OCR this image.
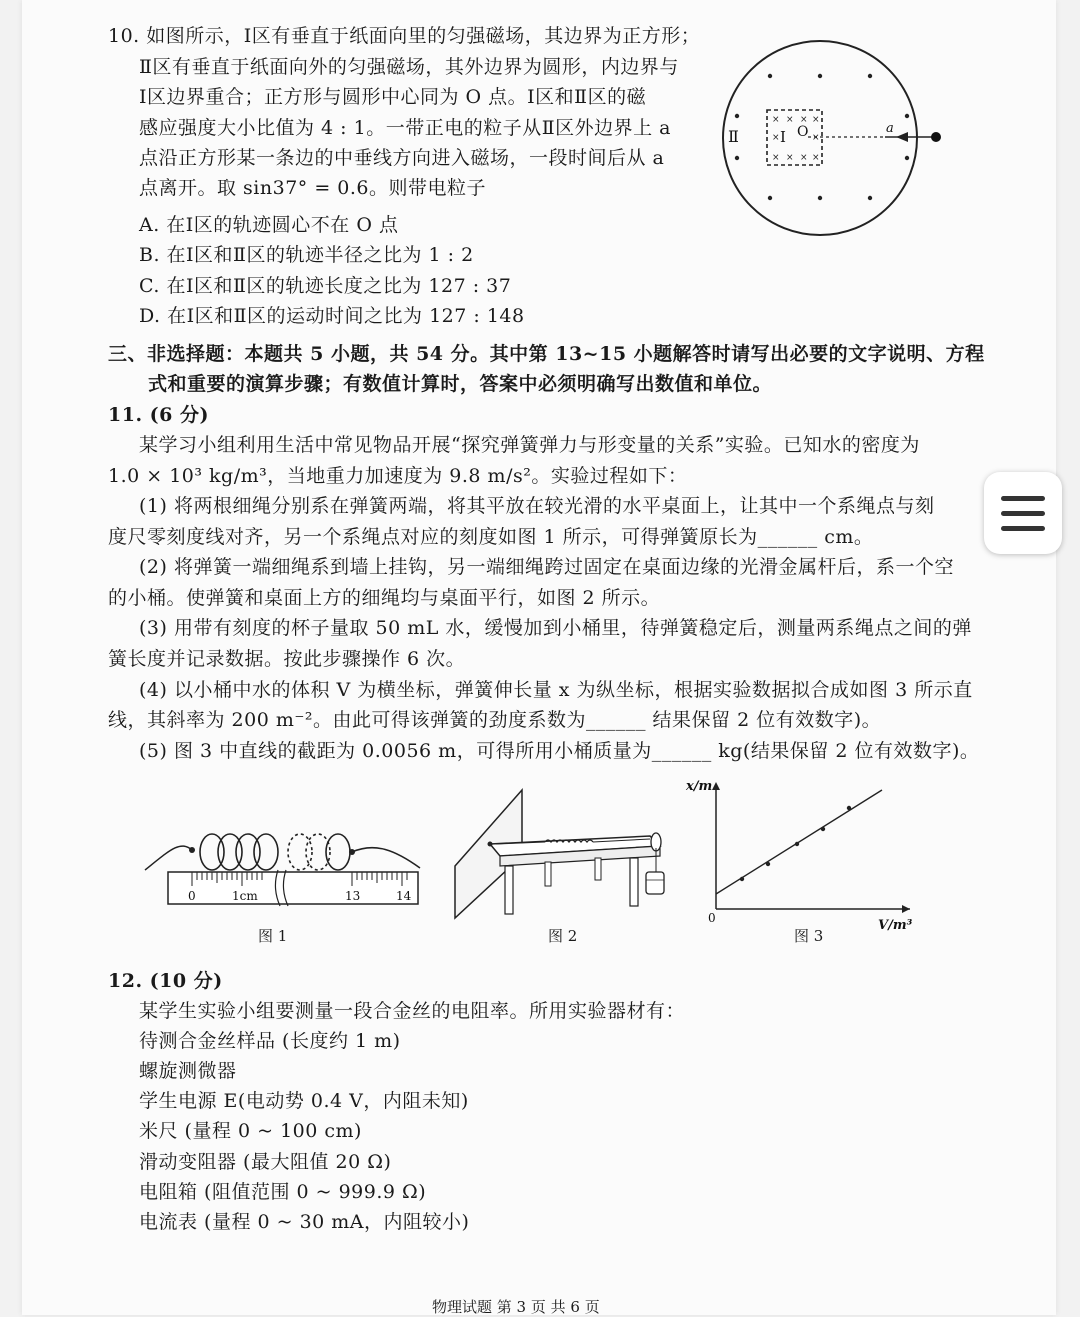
10. 如图所示，Ⅰ区有垂直于纸面向里的匀强磁场，其边界为正方形；
Ⅱ区有垂直于纸面向外的匀强磁场，其外边界为圆形，内边界与
Ⅰ区边界重合；正方形与圆形中心同为 O 点。Ⅰ区和Ⅱ区的磁
感应强度大小比值为 4 : 1。一带正电的粒子从Ⅱ区外边界上 a
点沿正方形某一条边的中垂线方向进入磁场，一段时间后从 a
点离开。取 sin37° = 0.6。则带电粒子
A. 在Ⅰ区的轨迹圆心不在 O 点
B. 在Ⅰ区和Ⅱ区的轨迹半径之比为 1 : 2
C. 在Ⅰ区和Ⅱ区的轨迹长度之比为 127 : 37
D. 在Ⅰ区和Ⅱ区的运动时间之比为 127 : 148
× × × ×
×	×
× × × ×
Ⅰ O
Ⅱ	a
三、非选择题：本题共 5 小题，共 54 分。其中第 13~15 小题解答时请写出必要的文字说明、方程
式和重要的演算步骤；有数值计算时，答案中必须明确写出数值和单位。
11. (6 分)
某学习小组利用生活中常见物品开展“探究弹簧弹力与形变量的关系”实验。已知水的密度为
1.0 × 10³ kg/m³，当地重力加速度为 9.8 m/s²。实验过程如下：
(1) 将两根细绳分别系在弹簧两端，将其平放在较光滑的水平桌面上，让其中一个系绳点与刻
度尺零刻度线对齐，另一个系绳点对应的刻度如图 1 所示，可得弹簧原长为______ cm。
(2) 将弹簧一端细绳系到墙上挂钩，另一端细绳跨过固定在桌面边缘的光滑金属杆后，系一个空
的小桶。使弹簧和桌面上方的细绳均与桌面平行，如图 2 所示。
(3) 用带有刻度的杯子量取 50 mL 水，缓慢加到小桶里，待弹簧稳定后，测量两系绳点之间的弹
簧长度并记录数据。按此步骤操作 6 次。
(4) 以小桶中水的体积 V 为横坐标，弹簧伸长量 x 为纵坐标，根据实验数据拟合成如图 3 所示直
线，其斜率为 200 m⁻²。由此可得该弹簧的劲度系数为______ 结果保留 2 位有效数字)。
(5) 图 3 中直线的截距为 0.0056 m，可得所用小桶质量为______ kg(结果保留 2 位有效数字)。
0	1cm	13	14
图 1	图 2
x/m
V/m³
0
图 3
12. (10 分)
某学生实验小组要测量一段合金丝的电阻率。所用实验器材有：
待测合金丝样品 (长度约 1 m)
螺旋测微器
学生电源 E(电动势 0.4 V，内阻未知)
米尺 (量程 0 ~ 100 cm)
滑动变阻器 (最大阻值 20 Ω)
电阻箱 (阻值范围 0 ~ 999.9 Ω)
电流表 (量程 0 ~ 30 mA，内阻较小)
物理试题 第 3 页 共 6 页
